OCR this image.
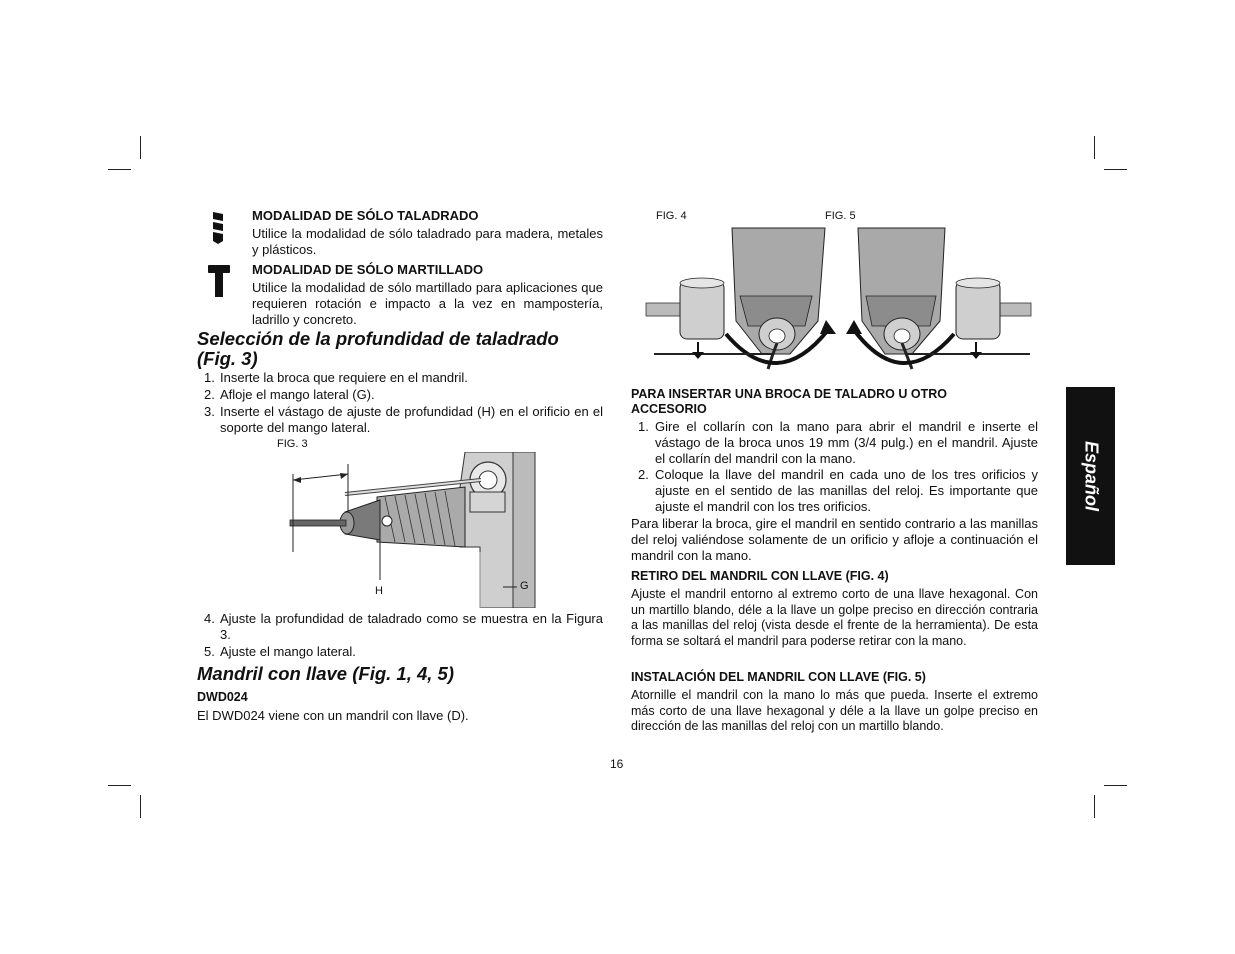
MODALIDAD DE SÓLO TALADRADO
Utilice la modalidad de sólo taladrado para madera, metales y plásticos.
MODALIDAD DE SÓLO MARTILLADO
Utilice la modalidad de sólo martillado para aplicaciones que requieren rotación e impacto a la vez en mampostería, ladrillo y concreto.
Selección de la profundidad de taladrado
(Fig. 3)
1. Inserte la broca que requiere en el mandril.
2. Afloje el mango lateral (G).
3. Inserte el vástago de ajuste de profundidad (H) en el orificio en el soporte del mango lateral.
FIG. 3
H	G
4. Ajuste la profundidad de taladrado como se muestra en la Figura 3.
5. Ajuste el mango lateral.
Mandril con llave (Fig. 1, 4, 5)
DWD024
El DWD024 viene con un mandril con llave (D).
FIG. 4	FIG. 5
PARA INSERTAR UNA BROCA DE TALADRO U OTRO ACCESORIO
1. Gire el collarín con la mano para abrir el mandril e inserte el vástago de la broca unos 19 mm (3/4 pulg.) en el mandril. Ajuste el collarín del mandril con la mano.
2. Coloque la llave del mandril en cada uno de los tres orificios y ajuste en el sentido de las manillas del reloj. Es importante que ajuste el mandril con los tres orificios.
Para liberar la broca, gire el mandril en sentido contrario a las manillas del reloj valiéndose solamente de un orificio y afloje a continuación el mandril con la mano.
RETIRO DEL MANDRIL CON LLAVE (FIG. 4)
Ajuste el mandril entorno al extremo corto de una llave hexagonal. Con un martillo blando, déle a la llave un golpe preciso en dirección contraria a las manillas del reloj (vista desde el frente de la herramienta). De esta forma se soltará el mandril para poderse retirar con la mano.
INSTALACIÓN DEL MANDRIL CON LLAVE (FIG. 5)
Atornille el mandril con la mano lo más que pueda. Inserte el extremo más corto de una llave hexagonal y déle a la llave un golpe preciso en dirección de las manillas del reloj con un martillo blando.
Español
16
